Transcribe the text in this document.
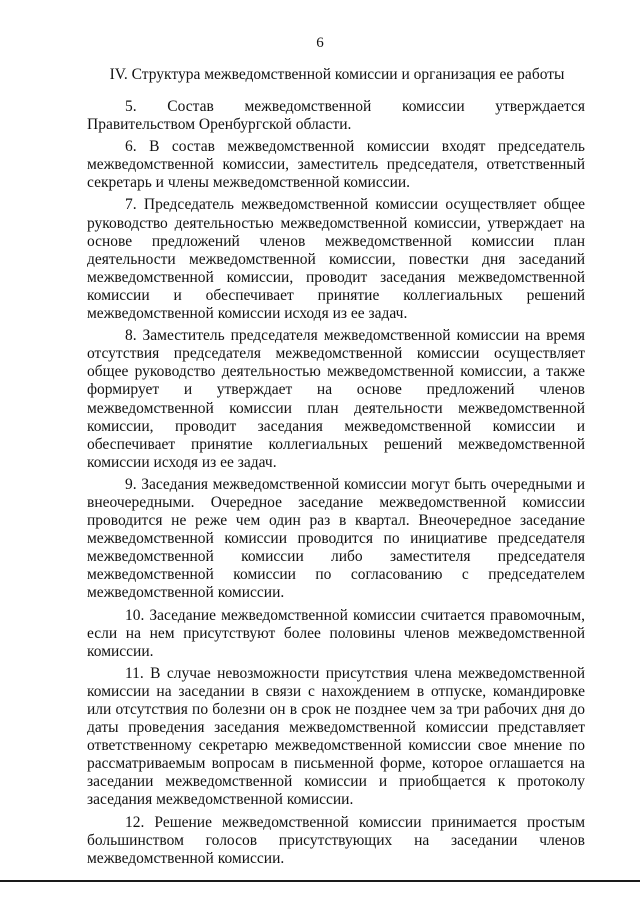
6
IV. Структура межведомственной комиссии и организация ее работы

5. Состав межведомственной комиссии утверждается Правительством Оренбургской области.

6. В состав межведомственной комиссии входят председатель межведомственной комиссии, заместитель председателя, ответственный секретарь и члены межведомственной комиссии.

7. Председатель межведомственной комиссии осуществляет общее руководство деятельностью межведомственной комиссии, утверждает на основе предложений членов межведомственной комиссии план деятельности межведомственной комиссии, повестки дня заседаний межведомственной комиссии, проводит заседания межведомственной комиссии и обеспечивает принятие коллегиальных решений межведомственной комиссии исходя из ее задач.

8. Заместитель председателя межведомственной комиссии на время отсутствия председателя межведомственной комиссии осуществляет общее руководство деятельностью межведомственной комиссии, а также формирует и утверждает на основе предложений членов межведомственной комиссии план деятельности межведомственной комиссии, проводит заседания межведомственной комиссии и обеспечивает принятие коллегиальных решений межведомственной комиссии исходя из ее задач.

9. Заседания межведомственной комиссии могут быть очередными и внеочередными. Очередное заседание межведомственной комиссии проводится не реже чем один раз в квартал. Внеочередное заседание межведомственной комиссии проводится по инициативе председателя межведомственной комиссии либо заместителя председателя межведомственной комиссии по согласованию с председателем межведомственной комиссии.

10. Заседание межведомственной комиссии считается правомочным, если на нем присутствуют более половины членов межведомственной комиссии.

11. В случае невозможности присутствия члена межведомственной комиссии на заседании в связи с нахождением в отпуске, командировке или отсутствия по болезни он в срок не позднее чем за три рабочих дня до даты проведения заседания межведомственной комиссии представляет ответственному секретарю межведомственной комиссии свое мнение по рассматриваемым вопросам в письменной форме, которое оглашается на заседании межведомственной комиссии и приобщается к протоколу заседания межведомственной комиссии.

12. Решение межведомственной комиссии принимается простым большинством голосов присутствующих на заседании членов межведомственной комиссии.
